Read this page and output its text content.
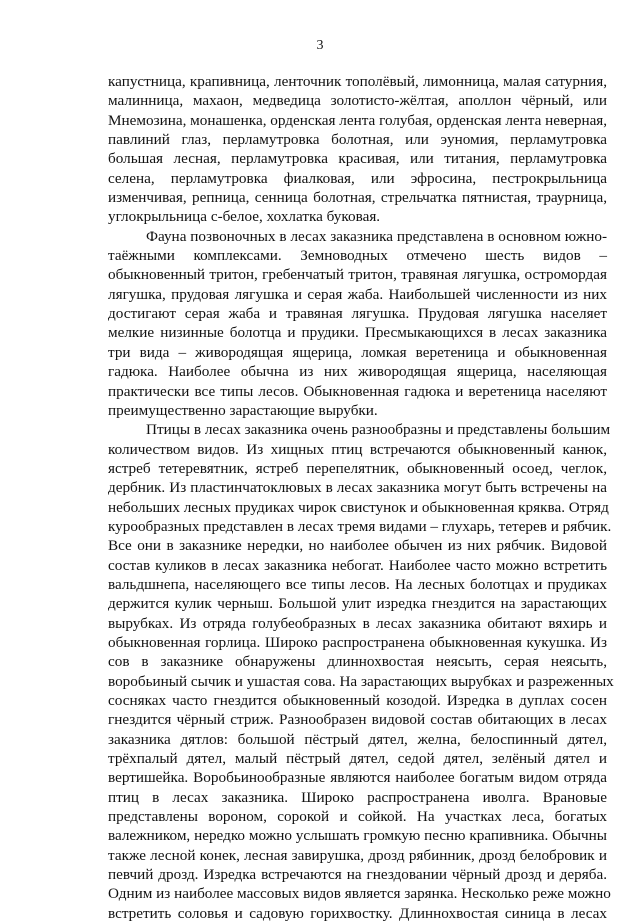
3
капустница, крапивница, ленточник тополёвый, лимонница, малая сатурния,
малинница, махаон, медведица золотисто-жёлтая, аполлон чёрный, или
Мнемозина, монашенка, орденская лента голубая, орденская лента неверная,
павлиний глаз, перламутровка болотная, или эуномия, перламутровка
большая лесная, перламутровка красивая, или титания, перламутровка
селена, перламутровка фиалковая, или эфросина, пестрокрыльница
изменчивая, репница, сенница болотная, стрельчатка пятнистая, траурница,
углокрыльница с-белое, хохлатка буковая.
Фауна позвоночных в лесах заказника представлена в основном южно-
таёжными комплексами. Земноводных отмечено шесть видов –
обыкновенный тритон, гребенчатый тритон, травяная лягушка, остромордая
лягушка, прудовая лягушка и серая жаба. Наибольшей численности из них
достигают серая жаба и травяная лягушка. Прудовая лягушка населяет
мелкие низинные болотца и прудики. Пресмыкающихся в лесах заказника
три вида – живородящая ящерица, ломкая веретеница и обыкновенная
гадюка. Наиболее обычна из них живородящая ящерица, населяющая
практически все типы лесов. Обыкновенная гадюка и веретеница населяют
преимущественно зарастающие вырубки.
Птицы в лесах заказника очень разнообразны и представлены большим
количеством видов. Из хищных птиц встречаются обыкновенный канюк,
ястреб тетеревятник, ястреб перепелятник, обыкновенный осоед, чеглок,
дербник. Из пластинчатоклювых в лесах заказника могут быть встречены на
небольших лесных прудиках чирок свистунок и обыкновенная кряква. Отряд
курообразных представлен в лесах тремя видами – глухарь, тетерев и рябчик.
Все они в заказнике нередки, но наиболее обычен из них рябчик. Видовой
состав куликов в лесах заказника небогат. Наиболее часто можно встретить
вальдшнепа, населяющего все типы лесов. На лесных болотцах и прудиках
держится кулик черныш. Большой улит изредка гнездится на зарастающих
вырубках. Из отряда голубеобразных в лесах заказника обитают вяхирь и
обыкновенная горлица. Широко распространена обыкновенная кукушка. Из
сов в заказнике обнаружены длиннохвостая неясыть, серая неясыть,
воробьиный сычик и ушастая сова. На зарастающих вырубках и разреженных
сосняках часто гнездится обыкновенный козодой. Изредка в дуплах сосен
гнездится чёрный стриж. Разнообразен видовой состав обитающих в лесах
заказника дятлов: большой пёстрый дятел, желна, белоспинный дятел,
трёхпалый дятел, малый пёстрый дятел, седой дятел, зелёный дятел и
вертишейка. Воробьинообразные являются наиболее богатым видом отряда
птиц в лесах заказника. Широко распространена иволга. Врановые
представлены вороном, сорокой и сойкой. На участках леса, богатых
валежником, нередко можно услышать громкую песню крапивника. Обычны
также лесной конек, лесная завирушка, дрозд рябинник, дрозд белобровик и
певчий дрозд. Изредка встречаются на гнездовании чёрный дрозд и деряба.
Одним из наиболее массовых видов является зарянка. Несколько реже можно
встретить соловья и садовую горихвостку. Длиннохвостая синица в лесах
